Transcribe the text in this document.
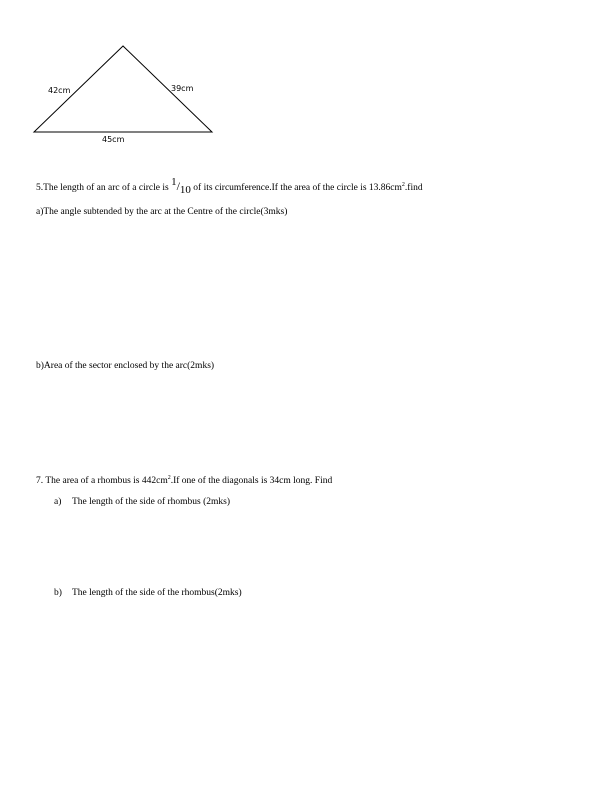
42cm	39cm
45cm
5.The length of an arc of a circle is $^1/_{10}$ of its circumference.If the area of the circle is $13.86cm^2.find$
a)The angle subtended by the arc at the Centre of the circle(3mks)
b)Area of the sector enclosed by the arc(2mks)
7. The area of a rhombus is $442cm^2.If$ one of the diagonals is 34cm long. Find
a) The length of the side of rhombus (2mks)
b) The length of the side of the rhombus(2mks)
